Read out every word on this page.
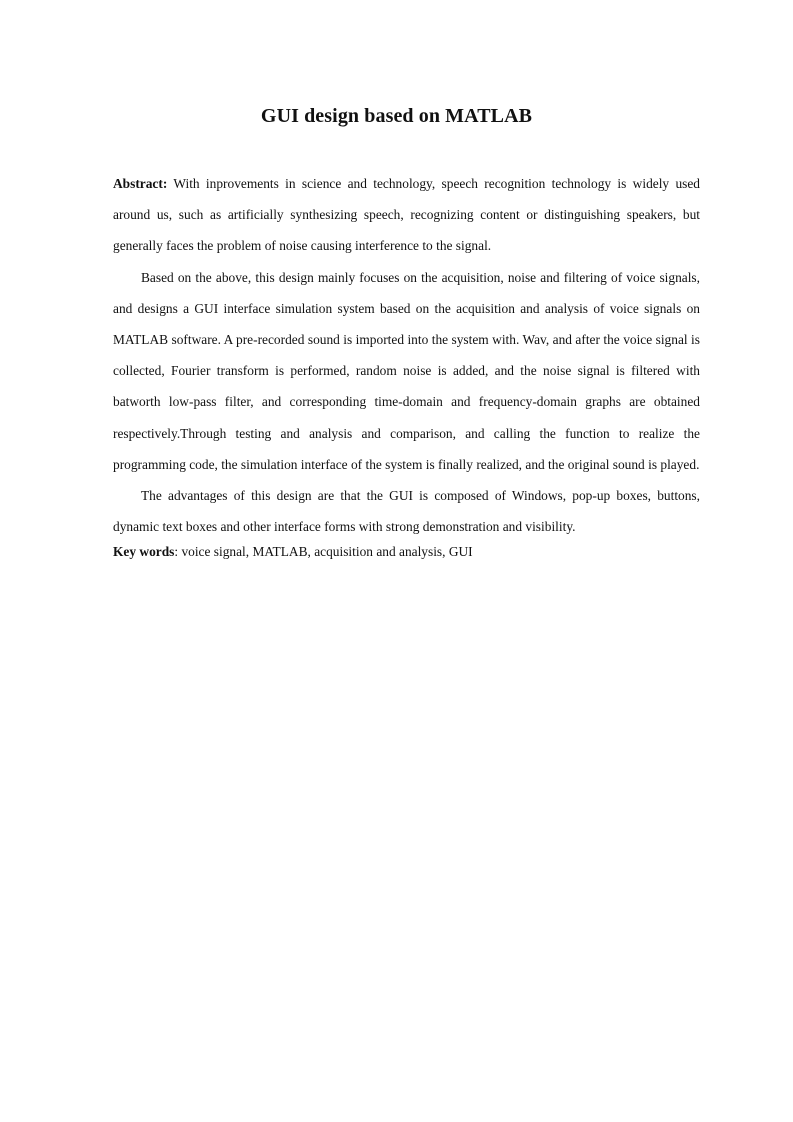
GUI design based on MATLAB

Abstract: With inprovements in science and technology, speech recognition technology is widely used around us, such as artificially synthesizing speech, recognizing content or distinguishing speakers, but generally faces the problem of noise causing interference to the signal.

Based on the above, this design mainly focuses on the acquisition, noise and filtering of voice signals, and designs a GUI interface simulation system based on the acquisition and analysis of voice signals on MATLAB software. A pre-recorded sound is imported into the system with. Wav, and after the voice signal is collected, Fourier transform is performed, random noise is added, and the noise signal is filtered with batworth low-pass filter, and corresponding time-domain and frequency-domain graphs are obtained respectively.Through testing and analysis and comparison, and calling the function to realize the programming code, the simulation interface of the system is finally realized, and the original sound is played.

The advantages of this design are that the GUI is composed of Windows, pop-up boxes, buttons, dynamic text boxes and other interface forms with strong demonstration and visibility.

Key words: voice signal, MATLAB, acquisition and analysis, GUI
